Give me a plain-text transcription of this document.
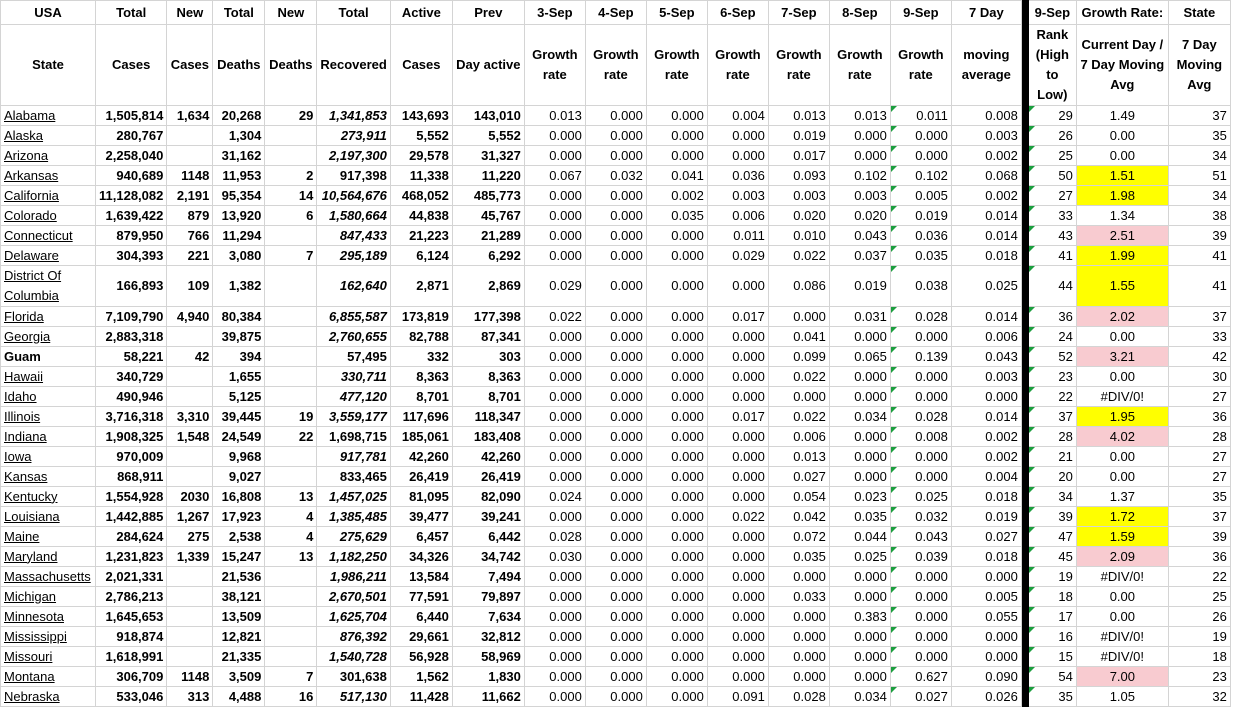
USA	Total	New	Total	New	Total	Active	Prev	3-Sep	4-Sep	5-Sep	6-Sep	7-Sep	8-Sep	9-Sep	7 Day		9-Sep	Growth Rate:	State
State	Cases	Cases	Deaths	Deaths	Recovered	Cases	Day active	Growth rate	Growth rate	Growth rate	Growth rate	Growth rate	Growth rate	Growth rate	moving average		Rank (High to Low)	Current Day / 7 Day Moving Avg	7 Day Moving Avg
Alabama	1,505,814	1,634	20,268	29	1,341,853	143,693	143,010	0.013	0.000	0.000	0.004	0.013	0.013	0.011	0.008		29	1.49	37
Alaska	280,767		1,304		273,911	5,552	5,552	0.000	0.000	0.000	0.000	0.019	0.000	0.000	0.003		26	0.00	35
Arizona	2,258,040		31,162		2,197,300	29,578	31,327	0.000	0.000	0.000	0.000	0.017	0.000	0.000	0.002		25	0.00	34
Arkansas	940,689	1148	11,953	2	917,398	11,338	11,220	0.067	0.032	0.041	0.036	0.093	0.102	0.102	0.068		50	1.51	51
California	11,128,082	2,191	95,354	14	10,564,676	468,052	485,773	0.000	0.000	0.002	0.003	0.003	0.003	0.005	0.002		27	1.98	34
Colorado	1,639,422	879	13,920	6	1,580,664	44,838	45,767	0.000	0.000	0.035	0.006	0.020	0.020	0.019	0.014		33	1.34	38
Connecticut	879,950	766	11,294		847,433	21,223	21,289	0.000	0.000	0.000	0.011	0.010	0.043	0.036	0.014		43	2.51	39
Delaware	304,393	221	3,080	7	295,189	6,124	6,292	0.000	0.000	0.000	0.029	0.022	0.037	0.035	0.018		41	1.99	41
District Of Columbia	166,893	109	1,382		162,640	2,871	2,869	0.029	0.000	0.000	0.000	0.086	0.019	0.038	0.025		44	1.55	41
Florida	7,109,790	4,940	80,384		6,855,587	173,819	177,398	0.022	0.000	0.000	0.017	0.000	0.031	0.028	0.014		36	2.02	37
Georgia	2,883,318		39,875		2,760,655	82,788	87,341	0.000	0.000	0.000	0.000	0.041	0.000	0.000	0.006		24	0.00	33
Guam	58,221	42	394		57,495	332	303	0.000	0.000	0.000	0.000	0.099	0.065	0.139	0.043		52	3.21	42
Hawaii	340,729		1,655		330,711	8,363	8,363	0.000	0.000	0.000	0.000	0.022	0.000	0.000	0.003		23	0.00	30
Idaho	490,946		5,125		477,120	8,701	8,701	0.000	0.000	0.000	0.000	0.000	0.000	0.000	0.000		22	#DIV/0!	27
Illinois	3,716,318	3,310	39,445	19	3,559,177	117,696	118,347	0.000	0.000	0.000	0.017	0.022	0.034	0.028	0.014		37	1.95	36
Indiana	1,908,325	1,548	24,549	22	1,698,715	185,061	183,408	0.000	0.000	0.000	0.000	0.006	0.000	0.008	0.002		28	4.02	28
Iowa	970,009		9,968		917,781	42,260	42,260	0.000	0.000	0.000	0.000	0.013	0.000	0.000	0.002		21	0.00	27
Kansas	868,911		9,027		833,465	26,419	26,419	0.000	0.000	0.000	0.000	0.027	0.000	0.000	0.004		20	0.00	27
Kentucky	1,554,928	2030	16,808	13	1,457,025	81,095	82,090	0.024	0.000	0.000	0.000	0.054	0.023	0.025	0.018		34	1.37	35
Louisiana	1,442,885	1,267	17,923	4	1,385,485	39,477	39,241	0.000	0.000	0.000	0.022	0.042	0.035	0.032	0.019		39	1.72	37
Maine	284,624	275	2,538	4	275,629	6,457	6,442	0.028	0.000	0.000	0.000	0.072	0.044	0.043	0.027		47	1.59	39
Maryland	1,231,823	1,339	15,247	13	1,182,250	34,326	34,742	0.030	0.000	0.000	0.000	0.035	0.025	0.039	0.018		45	2.09	36
Massachusetts	2,021,331		21,536		1,986,211	13,584	7,494	0.000	0.000	0.000	0.000	0.000	0.000	0.000	0.000		19	#DIV/0!	22
Michigan	2,786,213		38,121		2,670,501	77,591	79,897	0.000	0.000	0.000	0.000	0.033	0.000	0.000	0.005		18	0.00	25
Minnesota	1,645,653		13,509		1,625,704	6,440	7,634	0.000	0.000	0.000	0.000	0.000	0.383	0.000	0.055		17	0.00	26
Mississippi	918,874		12,821		876,392	29,661	32,812	0.000	0.000	0.000	0.000	0.000	0.000	0.000	0.000		16	#DIV/0!	19
Missouri	1,618,991		21,335		1,540,728	56,928	58,969	0.000	0.000	0.000	0.000	0.000	0.000	0.000	0.000		15	#DIV/0!	18
Montana	306,709	1148	3,509	7	301,638	1,562	1,830	0.000	0.000	0.000	0.000	0.000	0.000	0.627	0.090		54	7.00	23
Nebraska	533,046	313	4,488	16	517,130	11,428	11,662	0.000	0.000	0.000	0.091	0.028	0.034	0.027	0.026		35	1.05	32
